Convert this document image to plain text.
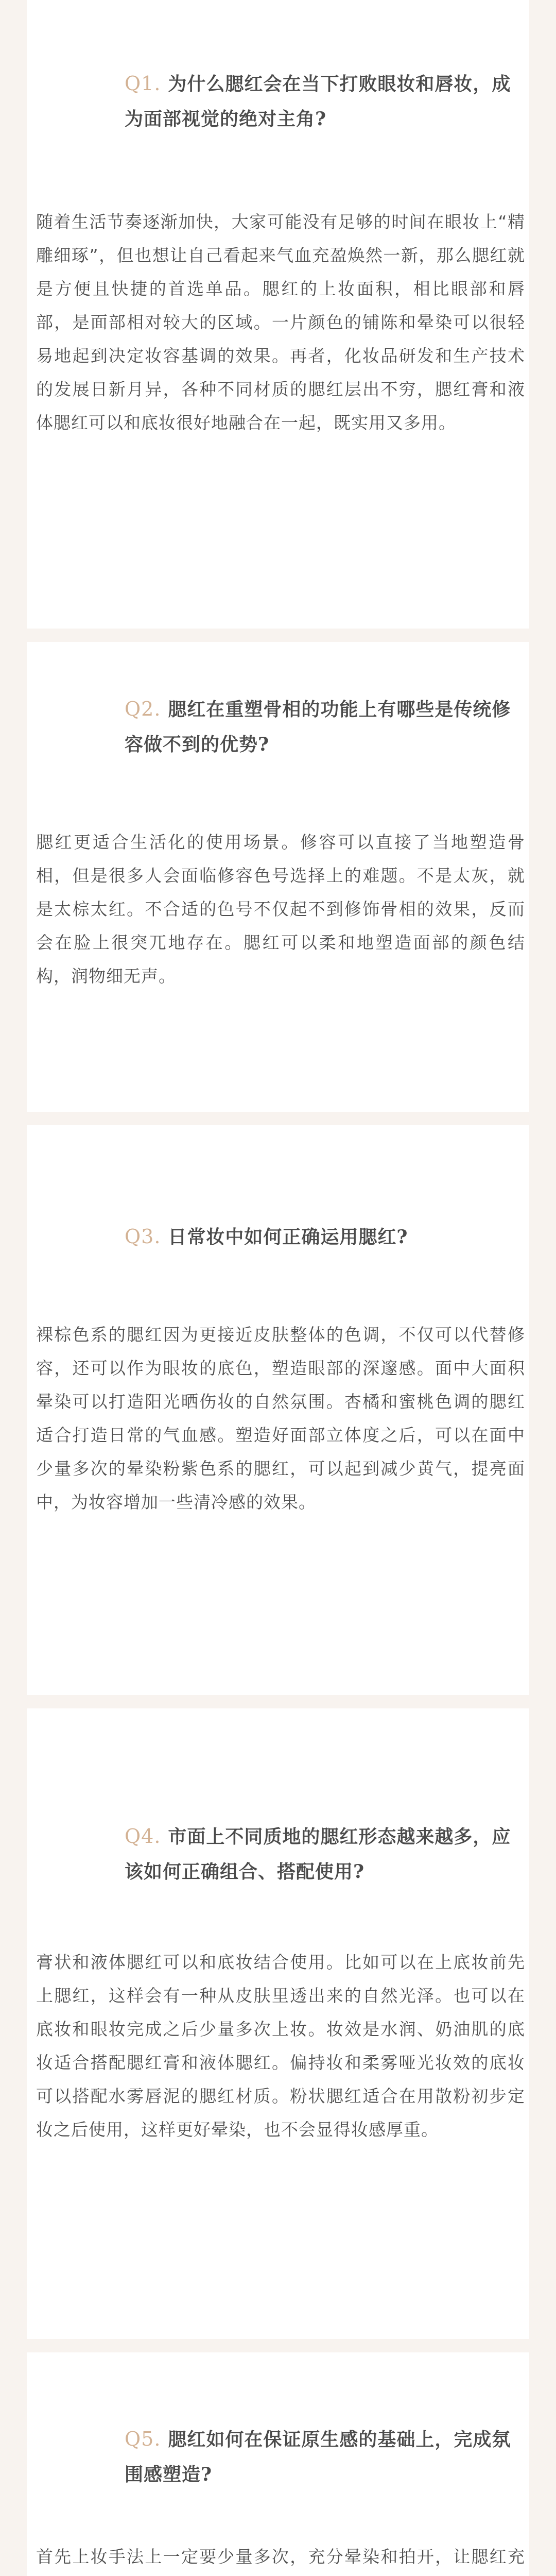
Q1. 为什么腮红会在当下打败眼妆和唇妆，成为面部视觉的绝对主角?
随着生活节奏逐渐加快，大家可能没有足够的时间在眼妆上“精雕细琢”，但也想让自己看起来气血充盈焕然一新，那么腮红就是方便且快捷的首选单品。腮红的上妆面积，相比眼部和唇部，是面部相对较大的区域。一片颜色的铺陈和晕染可以很轻易地起到决定妆容基调的效果。再者，化妆品研发和生产技术的发展日新月异，各种不同材质的腮红层出不穷，腮红膏和液体腮红可以和底妆很好地融合在一起，既实用又多用。
Q2. 腮红在重塑骨相的功能上有哪些是传统修容做不到的优势?
腮红更适合生活化的使用场景。修容可以直接了当地塑造骨相，但是很多人会面临修容色号选择上的难题。不是太灰，就是太棕太红。不合适的色号不仅起不到修饰骨相的效果，反而会在脸上很突兀地存在。腮红可以柔和地塑造面部的颜色结构，润物细无声。
Q3. 日常妆中如何正确运用腮红?
裸棕色系的腮红因为更接近皮肤整体的色调，不仅可以代替修容，还可以作为眼妆的底色，塑造眼部的深邃感。面中大面积晕染可以打造阳光晒伤妆的自然氛围。杏橘和蜜桃色调的腮红适合打造日常的气血感。塑造好面部立体度之后，可以在面中少量多次的晕染粉紫色系的腮红，可以起到减少黄气，提亮面中，为妆容增加一些清冷感的效果。
Q4. 市面上不同质地的腮红形态越来越多，应该如何正确组合、搭配使用?
膏状和液体腮红可以和底妆结合使用。比如可以在上底妆前先上腮红，这样会有一种从皮肤里透出来的自然光泽。也可以在底妆和眼妆完成之后少量多次上妆。妆效是水润、奶油肌的底妆适合搭配腮红膏和液体腮红。偏持妆和柔雾哑光妆效的底妆可以搭配水雾唇泥的腮红材质。粉状腮红适合在用散粉初步定妆之后使用，这样更好晕染，也不会显得妆感厚重。
Q5. 腮红如何在保证原生感的基础上，完成氛围感塑造?
首先上妆手法上一定要少量多次，充分晕染和拍开，让腮红充
